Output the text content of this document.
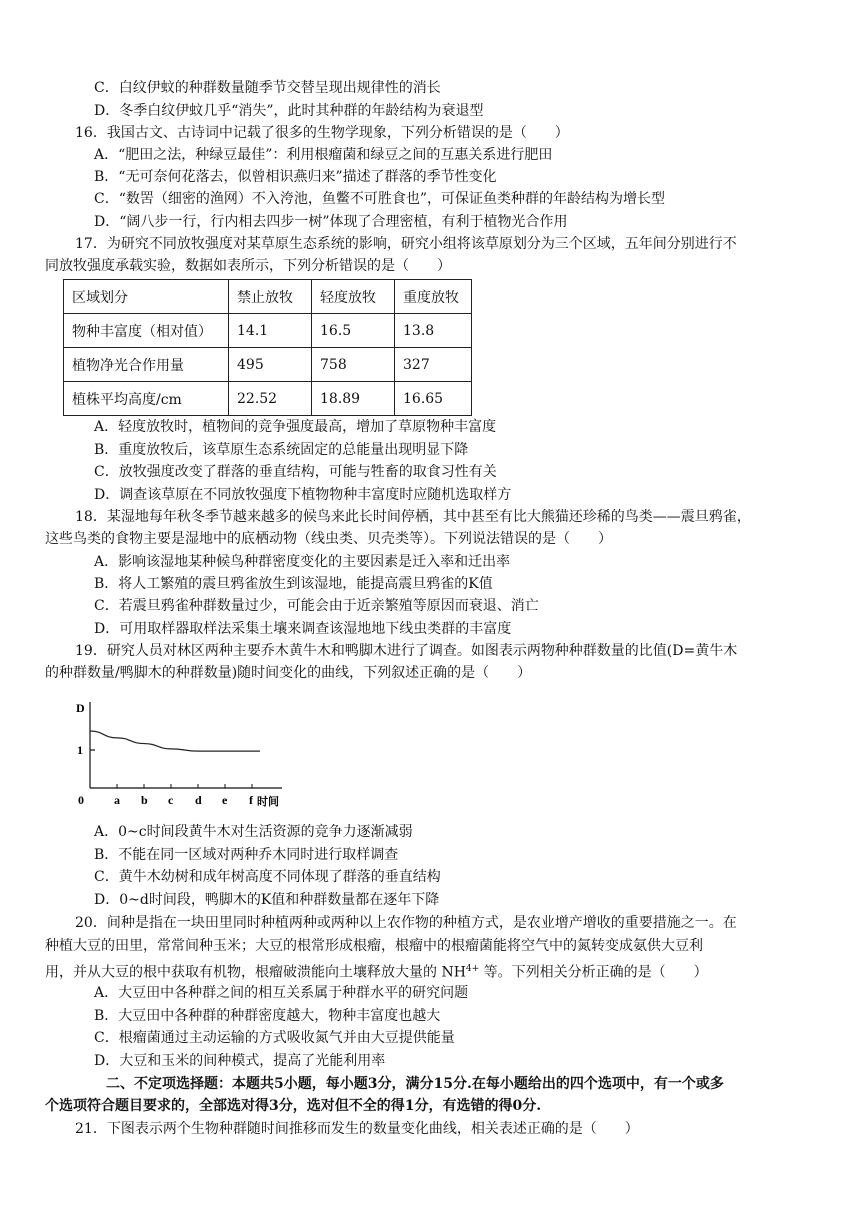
C．白纹伊蚊的种群数量随季节交替呈现出规律性的消长
D．冬季白纹伊蚊几乎“消失”，此时其种群的年龄结构为衰退型
16．我国古文、古诗词中记载了很多的生物学现象，下列分析错误的是（　　）
A．“肥田之法，种绿豆最佳”：利用根瘤菌和绿豆之间的互惠关系进行肥田
B．“无可奈何花落去，似曾相识燕归来”描述了群落的季节性变化
C．“数罟（细密的渔网）不入洿池，鱼鳖不可胜食也”，可保证鱼类种群的年龄结构为增长型
D．“阔八步一行，行内相去四步一树”体现了合理密植，有利于植物光合作用
17．为研究不同放牧强度对某草原生态系统的影响，研究小组将该草原划分为三个区域，五年间分别进行不
同放牧强度承载实验，数据如表所示，下列分析错误的是（　　）
区域划分	禁止放牧	轻度放牧	重度放牧
物种丰富度（相对值）	14.1	16.5	13.8
植物净光合作用量	495	758	327
植株平均高度/cm	22.52	18.89	16.65
A．轻度放牧时，植物间的竞争强度最高，增加了草原物种丰富度
B．重度放牧后，该草原生态系统固定的总能量出现明显下降
C．放牧强度改变了群落的垂直结构，可能与牲畜的取食习性有关
D．调查该草原在不同放牧强度下植物物种丰富度时应随机选取样方
18．某湿地每年秋冬季节越来越多的候鸟来此长时间停栖，其中甚至有比大熊猫还珍稀的鸟类——震旦鸦雀，
这些鸟类的食物主要是湿地中的底栖动物（线虫类、贝壳类等）。下列说法错误的是（　　）
A．影响该湿地某种候鸟种群密度变化的主要因素是迁入率和迁出率
B．将人工繁殖的震旦鸦雀放生到该湿地，能提高震旦鸦雀的K值
C．若震旦鸦雀种群数量过少，可能会由于近亲繁殖等原因而衰退、消亡
D．可用取样器取样法采集土壤来调查该湿地地下线虫类群的丰富度
19．研究人员对林区两种主要乔木黄牛木和鸭脚木进行了调查。如图表示两物种种群数量的比值(D=黄牛木
的种群数量/鸭脚木的种群数量)随时间变化的曲线，下列叙述正确的是（　　）
D
0
1
a b c d e f 时间
A．0~c时间段黄牛木对生活资源的竞争力逐渐减弱
B．不能在同一区域对两种乔木同时进行取样调查
C．黄牛木幼树和成年树高度不同体现了群落的垂直结构
D．0~d时间段，鸭脚木的K值和种群数量都在逐年下降
20．间种是指在一块田里同时种植两种或两种以上农作物的种植方式，是农业增产增收的重要措施之一。在
种植大豆的田里，常常间种玉米；大豆的根常形成根瘤，根瘤中的根瘤菌能将空气中的氮转变成氨供大豆利
用，并从大豆的根中获取有机物，根瘤破溃能向土壤释放大量的 $NH^{4+}$ 等。下列相关分析正确的是（　　）
A．大豆田中各种群之间的相互关系属于种群水平的研究问题
B．大豆田中各种群的种群密度越大，物种丰富度也越大
C．根瘤菌通过主动运输的方式吸收氮气并由大豆提供能量
D．大豆和玉米的间种模式，提高了光能利用率
二、不定项选择题：本题共5小题，每小题3分，满分15分.在每小题给出的四个选项中，有一个或多
个选项符合题目要求的，全部选对得3分，选对但不全的得1分，有选错的得0分.
21．下图表示两个生物种群随时间推移而发生的数量变化曲线，相关表述正确的是（　　）
